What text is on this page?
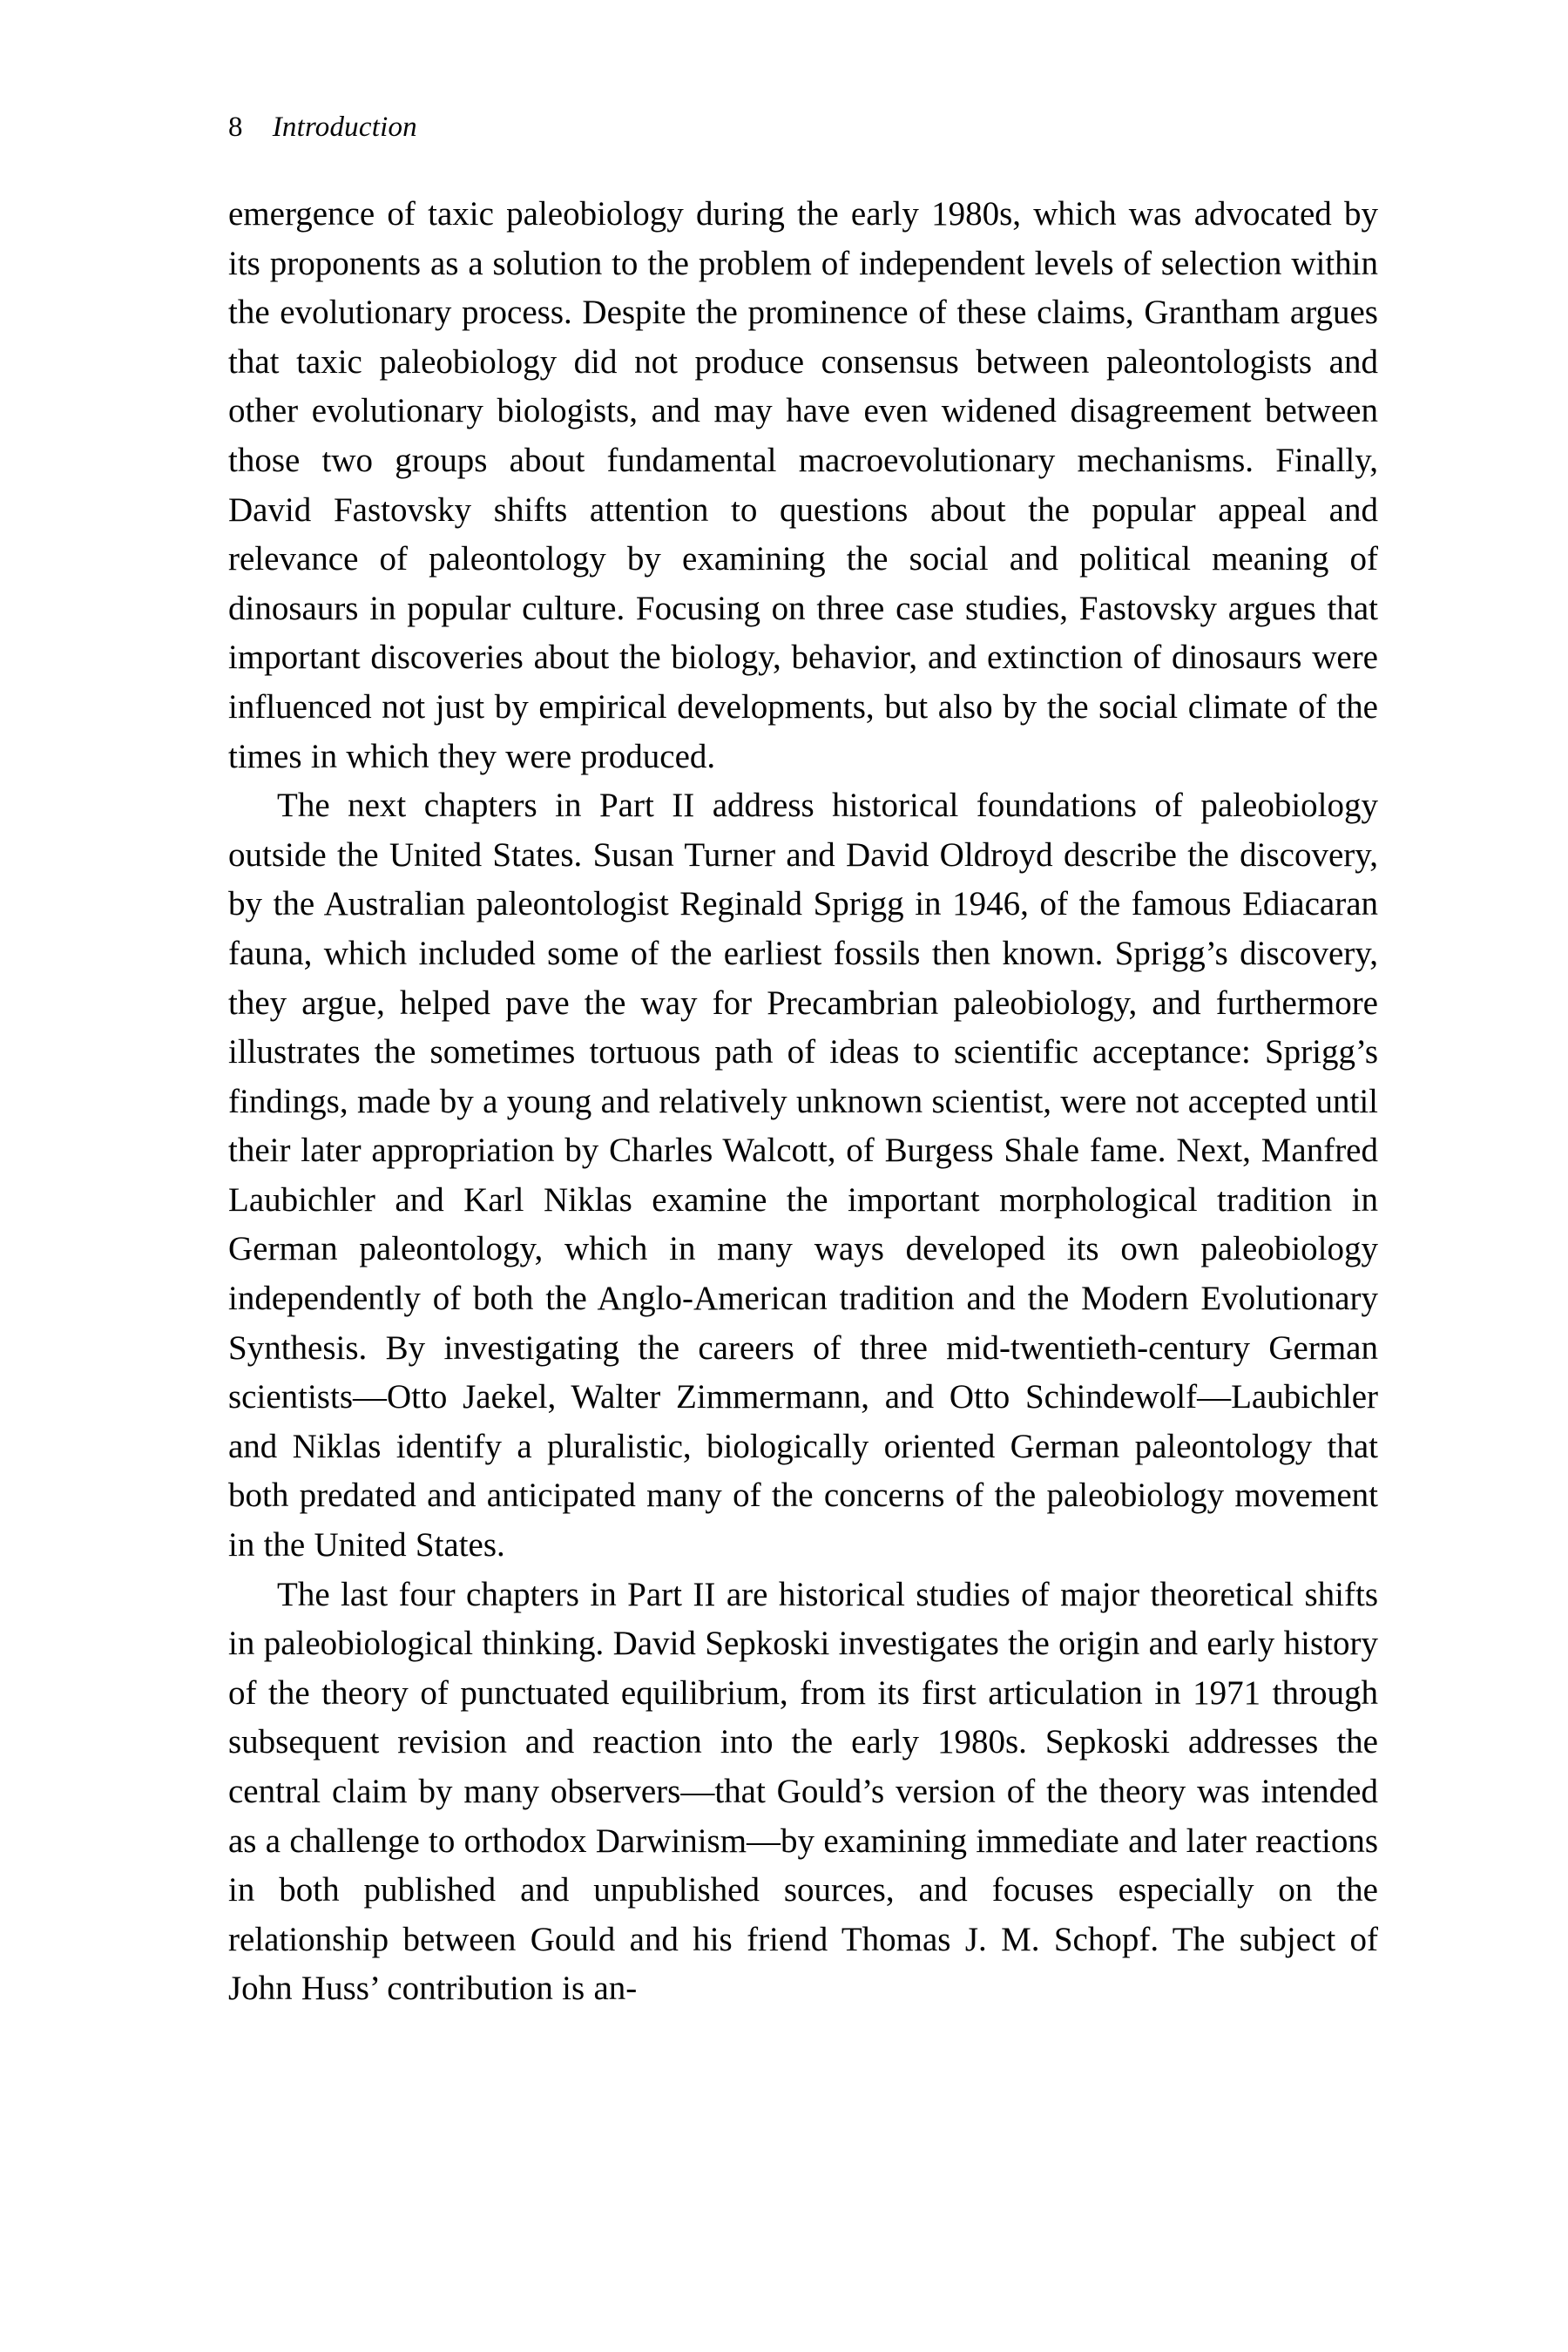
8 Introduction

emergence of taxic paleobiology during the early 1980s, which was advocated by its proponents as a solution to the problem of independent levels of selection within the evolutionary process. Despite the prominence of these claims, Grantham argues that taxic paleobiology did not produce consensus between paleontologists and other evolutionary biologists, and may have even widened disagreement between those two groups about fundamental macroevolutionary mechanisms. Finally, David Fastovsky shifts attention to questions about the popular appeal and relevance of paleontology by examining the social and political meaning of dinosaurs in popular culture. Focusing on three case studies, Fastovsky argues that important discoveries about the biology, behavior, and extinction of dinosaurs were influenced not just by empirical developments, but also by the social climate of the times in which they were produced.

The next chapters in Part II address historical foundations of paleobiology outside the United States. Susan Turner and David Oldroyd describe the discovery, by the Australian paleontologist Reginald Sprigg in 1946, of the famous Ediacaran fauna, which included some of the earliest fossils then known. Sprigg’s discovery, they argue, helped pave the way for Precambrian paleobiology, and furthermore illustrates the sometimes tortuous path of ideas to scientific acceptance: Sprigg’s findings, made by a young and relatively unknown scientist, were not accepted until their later appropriation by Charles Walcott, of Burgess Shale fame. Next, Manfred Laubichler and Karl Niklas examine the important morphological tradition in German paleontology, which in many ways developed its own paleobiology independently of both the Anglo-American tradition and the Modern Evolutionary Synthesis. By investigating the careers of three mid-twentieth-century German scientists—Otto Jaekel, Walter Zimmermann, and Otto Schindewolf—Laubichler and Niklas identify a pluralistic, biologically oriented German paleontology that both predated and anticipated many of the concerns of the paleobiology movement in the United States.

The last four chapters in Part II are historical studies of major theoretical shifts in paleobiological thinking. David Sepkoski investigates the origin and early history of the theory of punctuated equilibrium, from its first articulation in 1971 through subsequent revision and reaction into the early 1980s. Sepkoski addresses the central claim by many observers—that Gould’s version of the theory was intended as a challenge to orthodox Darwinism—by examining immediate and later reactions in both published and unpublished sources, and focuses especially on the relationship between Gould and his friend Thomas J. M. Schopf. The subject of John Huss’ contribution is an-
